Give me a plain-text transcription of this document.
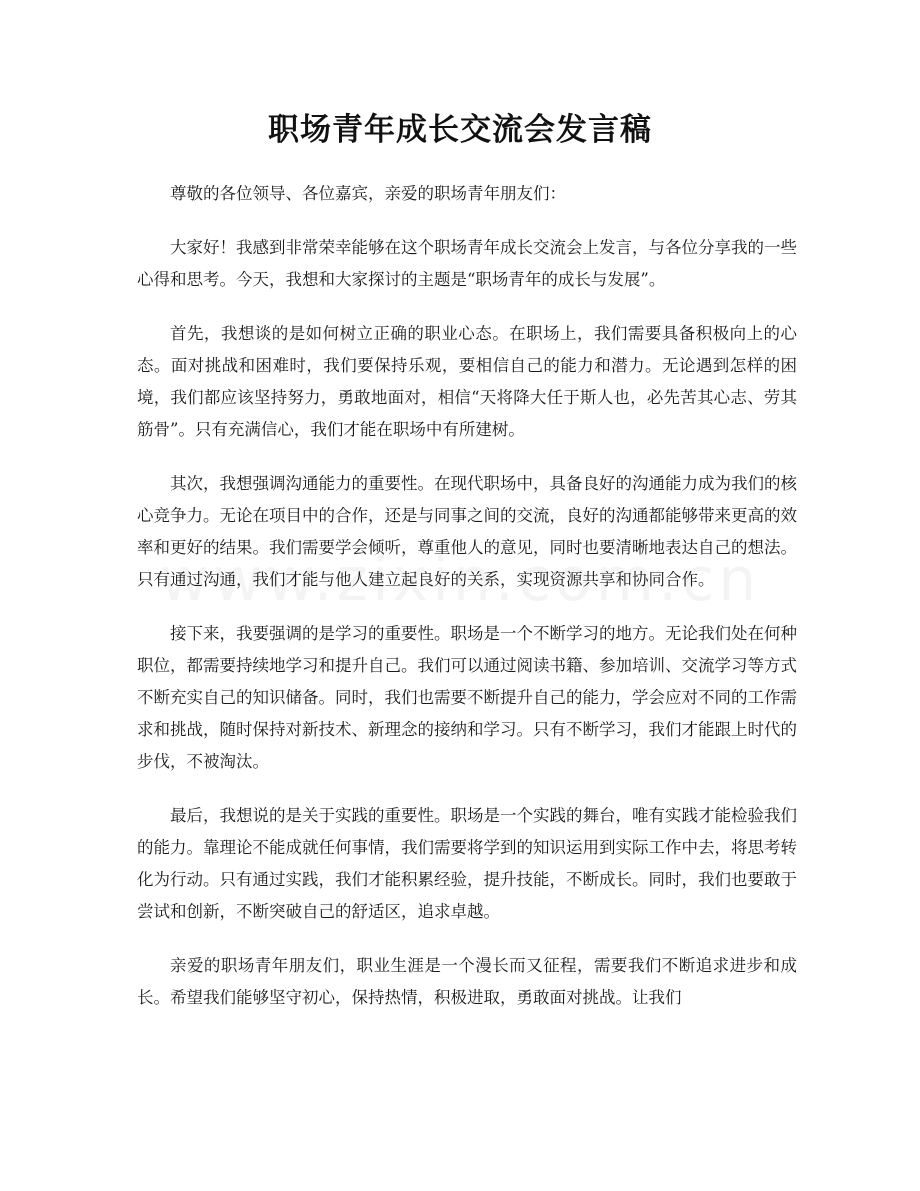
职场青年成长交流会发言稿

尊敬的各位领导、各位嘉宾，亲爱的职场青年朋友们：

大家好！我感到非常荣幸能够在这个职场青年成长交流会上发言，与各位分享我的一些心得和思考。今天，我想和大家探讨的主题是“职场青年的成长与发展”。

首先，我想谈的是如何树立正确的职业心态。在职场上，我们需要具备积极向上的心态。面对挑战和困难时，我们要保持乐观，要相信自己的能力和潜力。无论遇到怎样的困境，我们都应该坚持努力，勇敢地面对，相信“天将降大任于斯人也，必先苦其心志、劳其筋骨”。只有充满信心，我们才能在职场中有所建树。

其次，我想强调沟通能力的重要性。在现代职场中，具备良好的沟通能力成为我们的核心竞争力。无论在项目中的合作，还是与同事之间的交流，良好的沟通都能够带来更高的效率和更好的结果。我们需要学会倾听，尊重他人的意见，同时也要清晰地表达自己的想法。只有通过沟通，我们才能与他人建立起良好的关系，实现资源共享和协同合作。

接下来，我要强调的是学习的重要性。职场是一个不断学习的地方。无论我们处在何种职位，都需要持续地学习和提升自己。我们可以通过阅读书籍、参加培训、交流学习等方式不断充实自己的知识储备。同时，我们也需要不断提升自己的能力，学会应对不同的工作需求和挑战，随时保持对新技术、新理念的接纳和学习。只有不断学习，我们才能跟上时代的步伐，不被淘汰。

最后，我想说的是关于实践的重要性。职场是一个实践的舞台，唯有实践才能检验我们的能力。靠理论不能成就任何事情，我们需要将学到的知识运用到实际工作中去，将思考转化为行动。只有通过实践，我们才能积累经验，提升技能，不断成长。同时，我们也要敢于尝试和创新，不断突破自己的舒适区，追求卓越。

亲爱的职场青年朋友们，职业生涯是一个漫长而又征程，需要我们不断追求进步和成长。希望我们能够坚守初心，保持热情，积极进取，勇敢面对挑战。让我们
